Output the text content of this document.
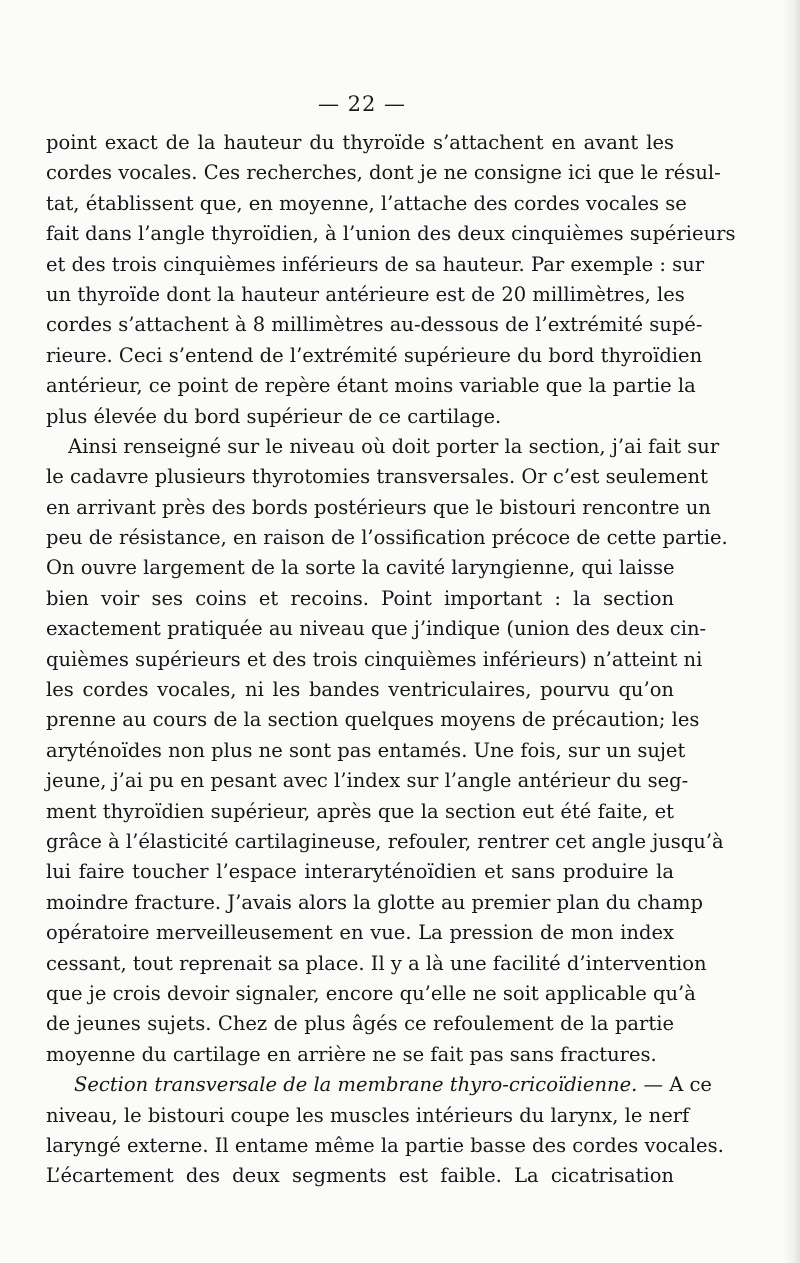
— 22 —
point exact de la hauteur du thyroïde s’attachent en avant les
cordes vocales. Ces recherches, dont je ne consigne ici que le résul-
tat, établissent que, en moyenne, l’attache des cordes vocales se
fait dans l’angle thyroïdien, à l’union des deux cinquièmes supérieurs
et des trois cinquièmes inférieurs de sa hauteur. Par exemple : sur
un thyroïde dont la hauteur antérieure est de 20 millimètres, les
cordes s’attachent à 8 millimètres au-dessous de l’extrémité supé-
rieure. Ceci s’entend de l’extrémité supérieure du bord thyroïdien
antérieur, ce point de repère étant moins variable que la partie la
plus élevée du bord supérieur de ce cartilage.
Ainsi renseigné sur le niveau où doit porter la section, j’ai fait sur
le cadavre plusieurs thyrotomies transversales. Or c’est seulement
en arrivant près des bords postérieurs que le bistouri rencontre un
peu de résistance, en raison de l’ossification précoce de cette partie.
On ouvre largement de la sorte la cavité laryngienne, qui laisse
bien voir ses coins et recoins. Point important : la section
exactement pratiquée au niveau que j’indique (union des deux cin-
quièmes supérieurs et des trois cinquièmes inférieurs) n’atteint ni
les cordes vocales, ni les bandes ventriculaires, pourvu qu’on
prenne au cours de la section quelques moyens de précaution; les
aryténoïdes non plus ne sont pas entamés. Une fois, sur un sujet
jeune, j’ai pu en pesant avec l’index sur l’angle antérieur du seg-
ment thyroïdien supérieur, après que la section eut été faite, et
grâce à l’élasticité cartilagineuse, refouler, rentrer cet angle jusqu’à
lui faire toucher l’espace interaryténoïdien et sans produire la
moindre fracture. J’avais alors la glotte au premier plan du champ
opératoire merveilleusement en vue. La pression de mon index
cessant, tout reprenait sa place. Il y a là une facilité d’intervention
que je crois devoir signaler, encore qu’elle ne soit applicable qu’à
de jeunes sujets. Chez de plus âgés ce refoulement de la partie
moyenne du cartilage en arrière ne se fait pas sans fractures.
Section transversale de la membrane thyro-cricoïdienne. — A ce
niveau, le bistouri coupe les muscles intérieurs du larynx, le nerf
laryngé externe. Il entame même la partie basse des cordes vocales.
L’écartement des deux segments est faible. La cicatrisation
